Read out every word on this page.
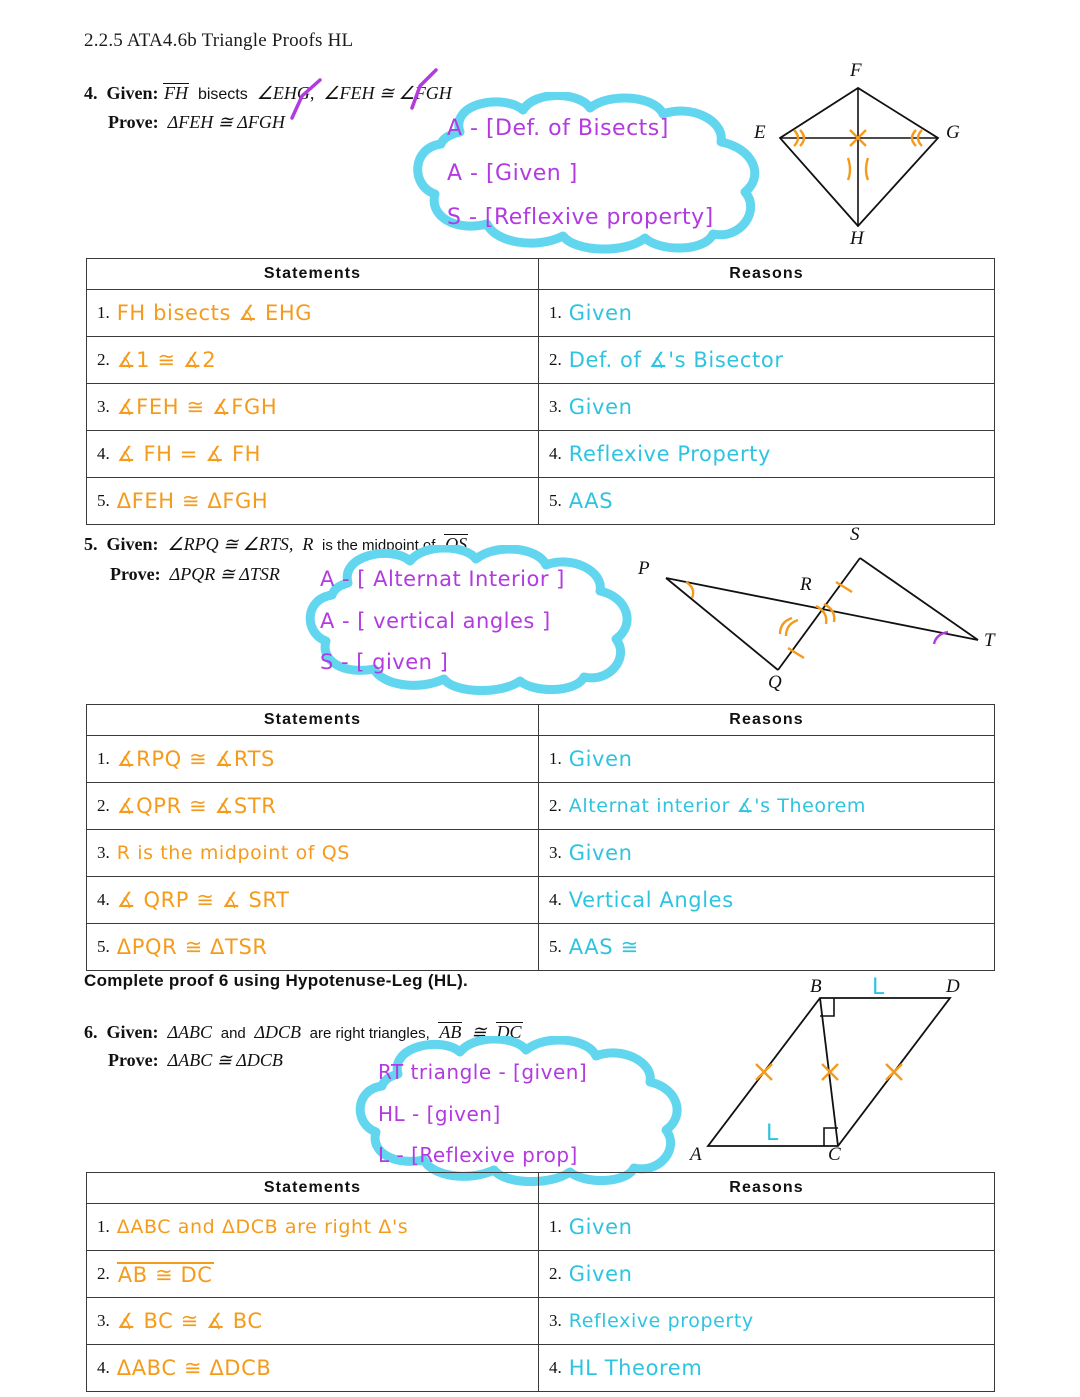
2.2.5 ATA4.6b Triangle Proofs HL
4.  Given: FH  bisects  ∠EHG,  ∠FEH ≅ ∠FGH
Prove:  ΔFEH ≅ ΔFGH	A - [Def. of Bisects]
A - [Given ]
S - [Reflexive property]
F
E	G
H
Statements	Reasons

1. FH bisects ∡ EHG	1. Given

2. ∡1 ≅ ∡2	2. Def. of ∡'s Bisector

3. ∡FEH ≅ ∡FGH	3. Given

4. ∡ FH = ∡ FH	4. Reflexive Property

5. ΔFEH ≅ ΔFGH	5. AAS
5.  Given:  ∠RPQ ≅ ∠RTS,  R  is the midpoint of  QS
Prove:  ΔPQR ≅ ΔTSR A - [ Alternat Interior ]
A - [ vertical angles ]
S - [ given ]
S
P
R
T
Q
Statements	Reasons

1. ∡RPQ ≅ ∡RTS	1. Given

2. ∡QPR ≅ ∡STR	2. Alternat interior ∡'s Theorem

3. R is the midpoint of QS	3. Given

4. ∡ QRP ≅ ∡ SRT	4. Vertical Angles

5. ΔPQR ≅ ΔTSR	5. AAS ≅
Complete proof 6 using Hypotenuse-Leg (HL).
6.  Given:  ΔABC  and  ΔDCB  are right triangles,  AB  ≅  DC
Prove:  ΔABC ≅ ΔDCB	RT triangle - [given]
HL - [given]
L - [Reflexive prop]
L
L
B	D
A	C
Statements	Reasons

1. ΔABC and ΔDCB are right Δ's	1. Given

2. AB ≅ DC	2. Given

3. ∡ BC ≅ ∡ BC	3. Reflexive property

4. ΔABC ≅ ΔDCB	4. HL Theorem
